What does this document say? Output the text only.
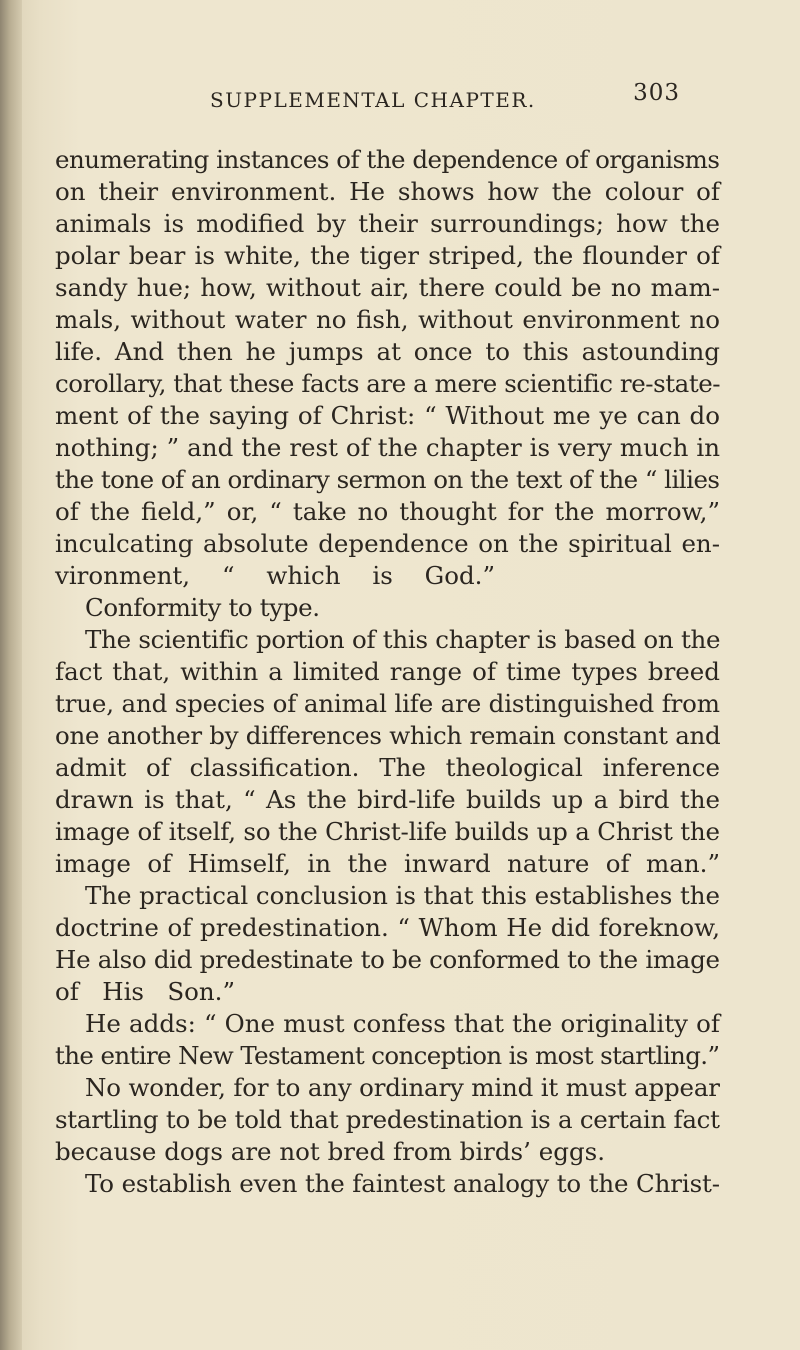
SUPPLEMENTAL CHAPTER.	303
enumerating instances of the dependence of organisms
on their environment. He shows how the colour of
animals is modified by their surroundings; how the
polar bear is white, the tiger striped, the flounder of
sandy hue; how, without air, there could be no mam-
mals, without water no fish, without environment no
life. And then he jumps at once to this astounding
corollary, that these facts are a mere scientific re-state-
ment of the saying of Christ: “ Without me ye can do
nothing; ” and the rest of the chapter is very much in
the tone of an ordinary sermon on the text of the “ lilies
of the field,” or, “ take no thought for the morrow,”
inculcating absolute dependence on the spiritual en-
vironment, “ which is God.”
Conformity to type.
The scientific portion of this chapter is based on the
fact that, within a limited range of time types breed
true, and species of animal life are distinguished from
one another by differences which remain constant and
admit of classification. The theological inference
drawn is that, “ As the bird-life builds up a bird the
image of itself, so the Christ-life builds up a Christ the
image of Himself, in the inward nature of man.”
The practical conclusion is that this establishes the
doctrine of predestination. “ Whom He did foreknow,
He also did predestinate to be conformed to the image
of His Son.”
He adds: “ One must confess that the originality of
the entire New Testament conception is most startling.”
No wonder, for to any ordinary mind it must appear
startling to be told that predestination is a certain fact
because dogs are not bred from birds’ eggs.
To establish even the faintest analogy to the Christ-
